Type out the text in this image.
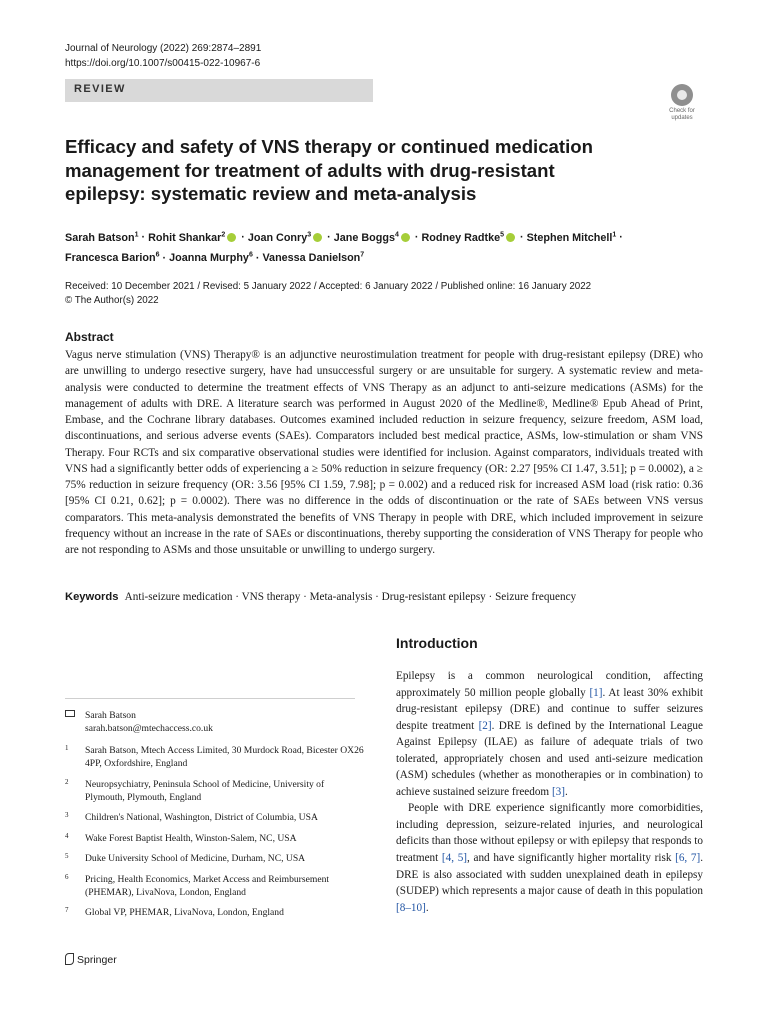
Journal of Neurology (2022) 269:2874–2891
https://doi.org/10.1007/s00415-022-10967-6
REVIEW
Check for
updates
Efficacy and safety of VNS therapy or continued medication management for treatment of adults with drug-resistant epilepsy: systematic review and meta-analysis
Sarah Batson$^1$ · Rohit Shankar$^2$ · Joan Conry$^3$ · Jane Boggs$^4$ · Rodney Radtke$^5$ · Stephen Mitchell$^1$ ·
Francesca Barion$^6$ · Joanna Murphy$^6$ · Vanessa Danielson$^7$
Received: 10 December 2021 / Revised: 5 January 2022 / Accepted: 6 January 2022 / Published online: 16 January 2022
© The Author(s) 2022
Abstract
Vagus nerve stimulation (VNS) Therapy® is an adjunctive neurostimulation treatment for people with drug-resistant epilepsy (DRE) who are unwilling to undergo resective surgery, have had unsuccessful surgery or are unsuitable for surgery. A systematic review and meta-analysis were conducted to determine the treatment effects of VNS Therapy as an adjunct to anti-seizure medications (ASMs) for the management of adults with DRE. A literature search was performed in August 2020 of the Medline®, Medline® Epub Ahead of Print, Embase, and the Cochrane library databases. Outcomes examined included reduction in seizure frequency, seizure freedom, ASM load, discontinuations, and serious adverse events (SAEs). Comparators included best medical practice, ASMs, low-stimulation or sham VNS Therapy. Four RCTs and six comparative observational studies were identified for inclusion. Against comparators, individuals treated with VNS had a significantly better odds of experiencing a ≥ 50% reduction in seizure frequency (OR: 2.27 [95% CI 1.47, 3.51]; p = 0.0002), a ≥ 75% reduction in seizure frequency (OR: 3.56 [95% CI 1.59, 7.98]; p = 0.002) and a reduced risk for increased ASM load (risk ratio: 0.36 [95% CI 0.21, 0.62]; p = 0.0002). There was no difference in the odds of discontinuation or the rate of SAEs between VNS versus comparators. This meta-analysis demonstrated the benefits of VNS Therapy in people with DRE, which included improvement in seizure frequency without an increase in the rate of SAEs or discontinuations, thereby supporting the consideration of VNS Therapy for people who are not responding to ASMs and those unsuitable or unwilling to undergo surgery.
Keywords Anti-seizure medication · VNS therapy · Meta-analysis · Drug-resistant epilepsy · Seizure frequency
Introduction

Epilepsy is a common neurological condition, affecting approximately 50 million people globally [1]. At least 30% exhibit drug-resistant epilepsy (DRE) and continue to suffer seizures despite treatment [2]. DRE is defined by the International League Against Epilepsy (ILAE) as failure of adequate trials of two tolerated, appropriately chosen and used anti-seizure medication (ASM) schedules (whether as monotherapies or in combination) to achieve sustained seizure freedom [3].

People with DRE experience significantly more comorbidities, including depression, seizure-related injuries, and neurological deficits than those without epilepsy or with epilepsy that responds to treatment [4, 5], and have significantly higher mortality risk [6, 7]. DRE is also associated with sudden unexplained death in epilepsy (SUDEP) which represents a major cause of death in this population [8–10].

Sarah Batson
sarah.batson@mtechaccess.co.uk
1 Sarah Batson, Mtech Access Limited, 30 Murdock Road, Bicester OX26 4PP, Oxfordshire, England
2 Neuropsychiatry, Peninsula School of Medicine, University of Plymouth, Plymouth, England
3 Children's National, Washington, District of Columbia, USA
4 Wake Forest Baptist Health, Winston-Salem, NC, USA
5 Duke University School of Medicine, Durham, NC, USA
6 Pricing, Health Economics, Market Access and Reimbursement (PHEMAR), LivaNova, London, England
7 Global VP, PHEMAR, LivaNova, London, England
Springer
